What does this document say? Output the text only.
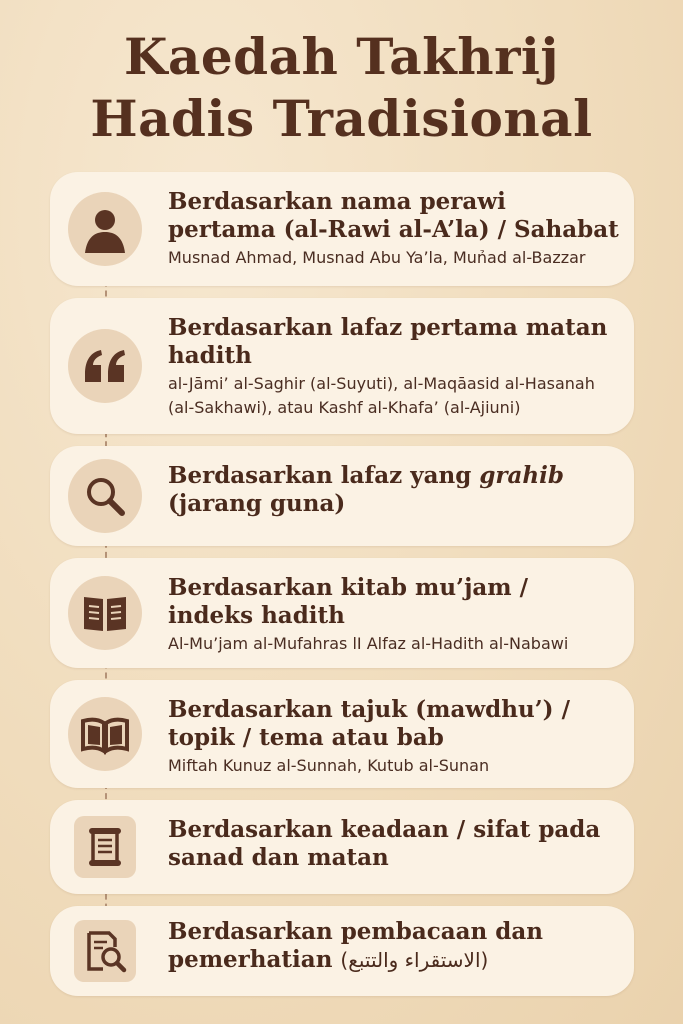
Kaedah Takhrij
Hadis Tradisional
Berdasarkan nama perawi pertama (al-Rawi al-A’la) / Sahabat
Musnad Ahmad, Musnad Abu Ya’la, Mun̉ad al-Bazzar
Berdasarkan lafaz pertama matan hadith
al-Jāmi’ al-Saghir (al-Suyuti), al-Maqāasid al-Hasanah (al-Sakhawi), atau Kashf al-Khafa’ (al-Ajiuni)
Berdasarkan lafaz yang grahib (jarang guna)
Berdasarkan kitab mu’jam / indeks hadith
Al-Mu’jam al-Mufahras lI Alfaz al-Hadith al-Nabawi
Berdasarkan tajuk (mawdhu’) / topik / tema atau bab
Miftah Kunuz al-Sunnah, Kutub al-Sunan
Berdasarkan keadaan / sifat pada sanad dan matan
Berdasarkan pembacaan dan pemerhatian (الاستقراء والتتبع)
